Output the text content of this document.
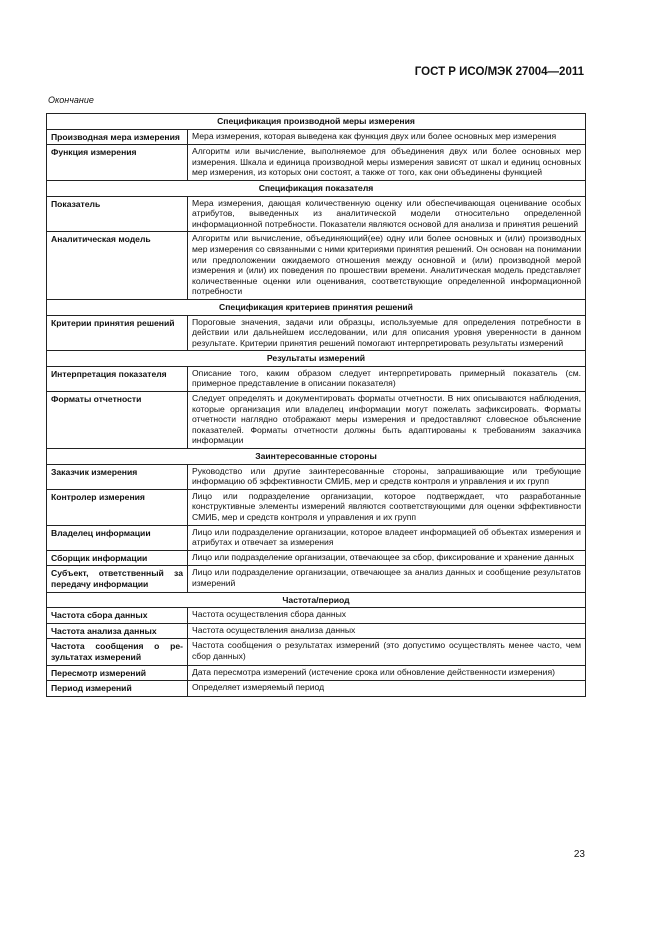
ГОСТ Р ИСО/МЭК 27004—2011
Окончание
Спецификация производной меры измерения	
Производная мера измерения	Мера измерения, которая выведена как функция двух или более основных мер измерения
Функция измерения	Алгоритм или вычисление, выполняемое для объединения двух или более основных мер измерения. Шкала и единица производной меры измерения зависят от шкал и единиц основных мер измерения, из которых они состоят, а также от того, как они объединены функцией
Спецификация показателя	
Показатель	Мера измерения, дающая количественную оценку или обеспечивающая оценивание особых атрибутов, выведенных из аналитической модели относительно определенной информационной потребности. Показатели являются основой для анализа и принятия решений
Аналитическая модель	Алгоритм или вычисление, объединяющий(ее) одну или более основных и (или) производных мер измерения со связанными с ними критериями принятия решений. Он основан на понимании или предположении ожидаемого отношения между основной и (или) производной мерой измерения и (или) их поведения по прошествии времени. Аналитическая модель представляет количественные оценки или оценивания, соответствующие определенной информационной потребности
Спецификация критериев принятия решений	
Критерии принятия решений	Пороговые значения, задачи или образцы, используемые для определения потребности в действии или дальнейшем исследовании, или для описания уровня уверенности в данном результате. Критерии принятия решений помогают интерпретировать результаты измерений
Результаты измерений	
Интерпретация показателя	Описание того, каким образом следует интерпретировать примерный показатель (см. примерное представление в описании показателя)
Форматы отчетности	Следует определять и документировать форматы отчетности. В них описываются наблюдения, которые организация или владелец информации могут пожелать зафиксировать. Форматы отчетности наглядно отображают меры измерения и предоставляют словесное объяснение показателей. Форматы отчетности должны быть адаптированы к требованиям заказчика информации
Заинтересованные стороны	
Заказчик измерения	Руководство или другие заинтересованные стороны, запрашивающие или требующие информацию об эффективности СМИБ, мер и средств контроля и управления и их групп
Контролер измерения	Лицо или подразделение организации, которое подтверждает, что разработанные конструктивные элементы измерений являются соответствующими для оценки эффективности СМИБ, мер и средств контроля и управления и их групп
Владелец информации	Лицо или подразделение организации, которое владеет информацией об объектах измерения и атрибутах и отвечает за измерения
Сборщик информации	Лицо или подразделение организации, отвечающее за сбор, фиксирование и хранение данных
Субъект, ответственный за передачу информации	Лицо или подразделение организации, отвечающее за анализ данных и сообщение результатов измерений
Частота/период	
Частота сбора данных	Частота осуществления сбора данных
Частота анализа данных	Частота осуществления анализа данных
Частота сообщения о результатах измерений	Частота сообщения о результатах измерений (это допустимо осуществлять менее часто, чем сбор данных)
Пересмотр измерений	Дата пересмотра измерений (истечение срока или обновление действенности измерения)
Период измерений	Определяет измеряемый период
23
